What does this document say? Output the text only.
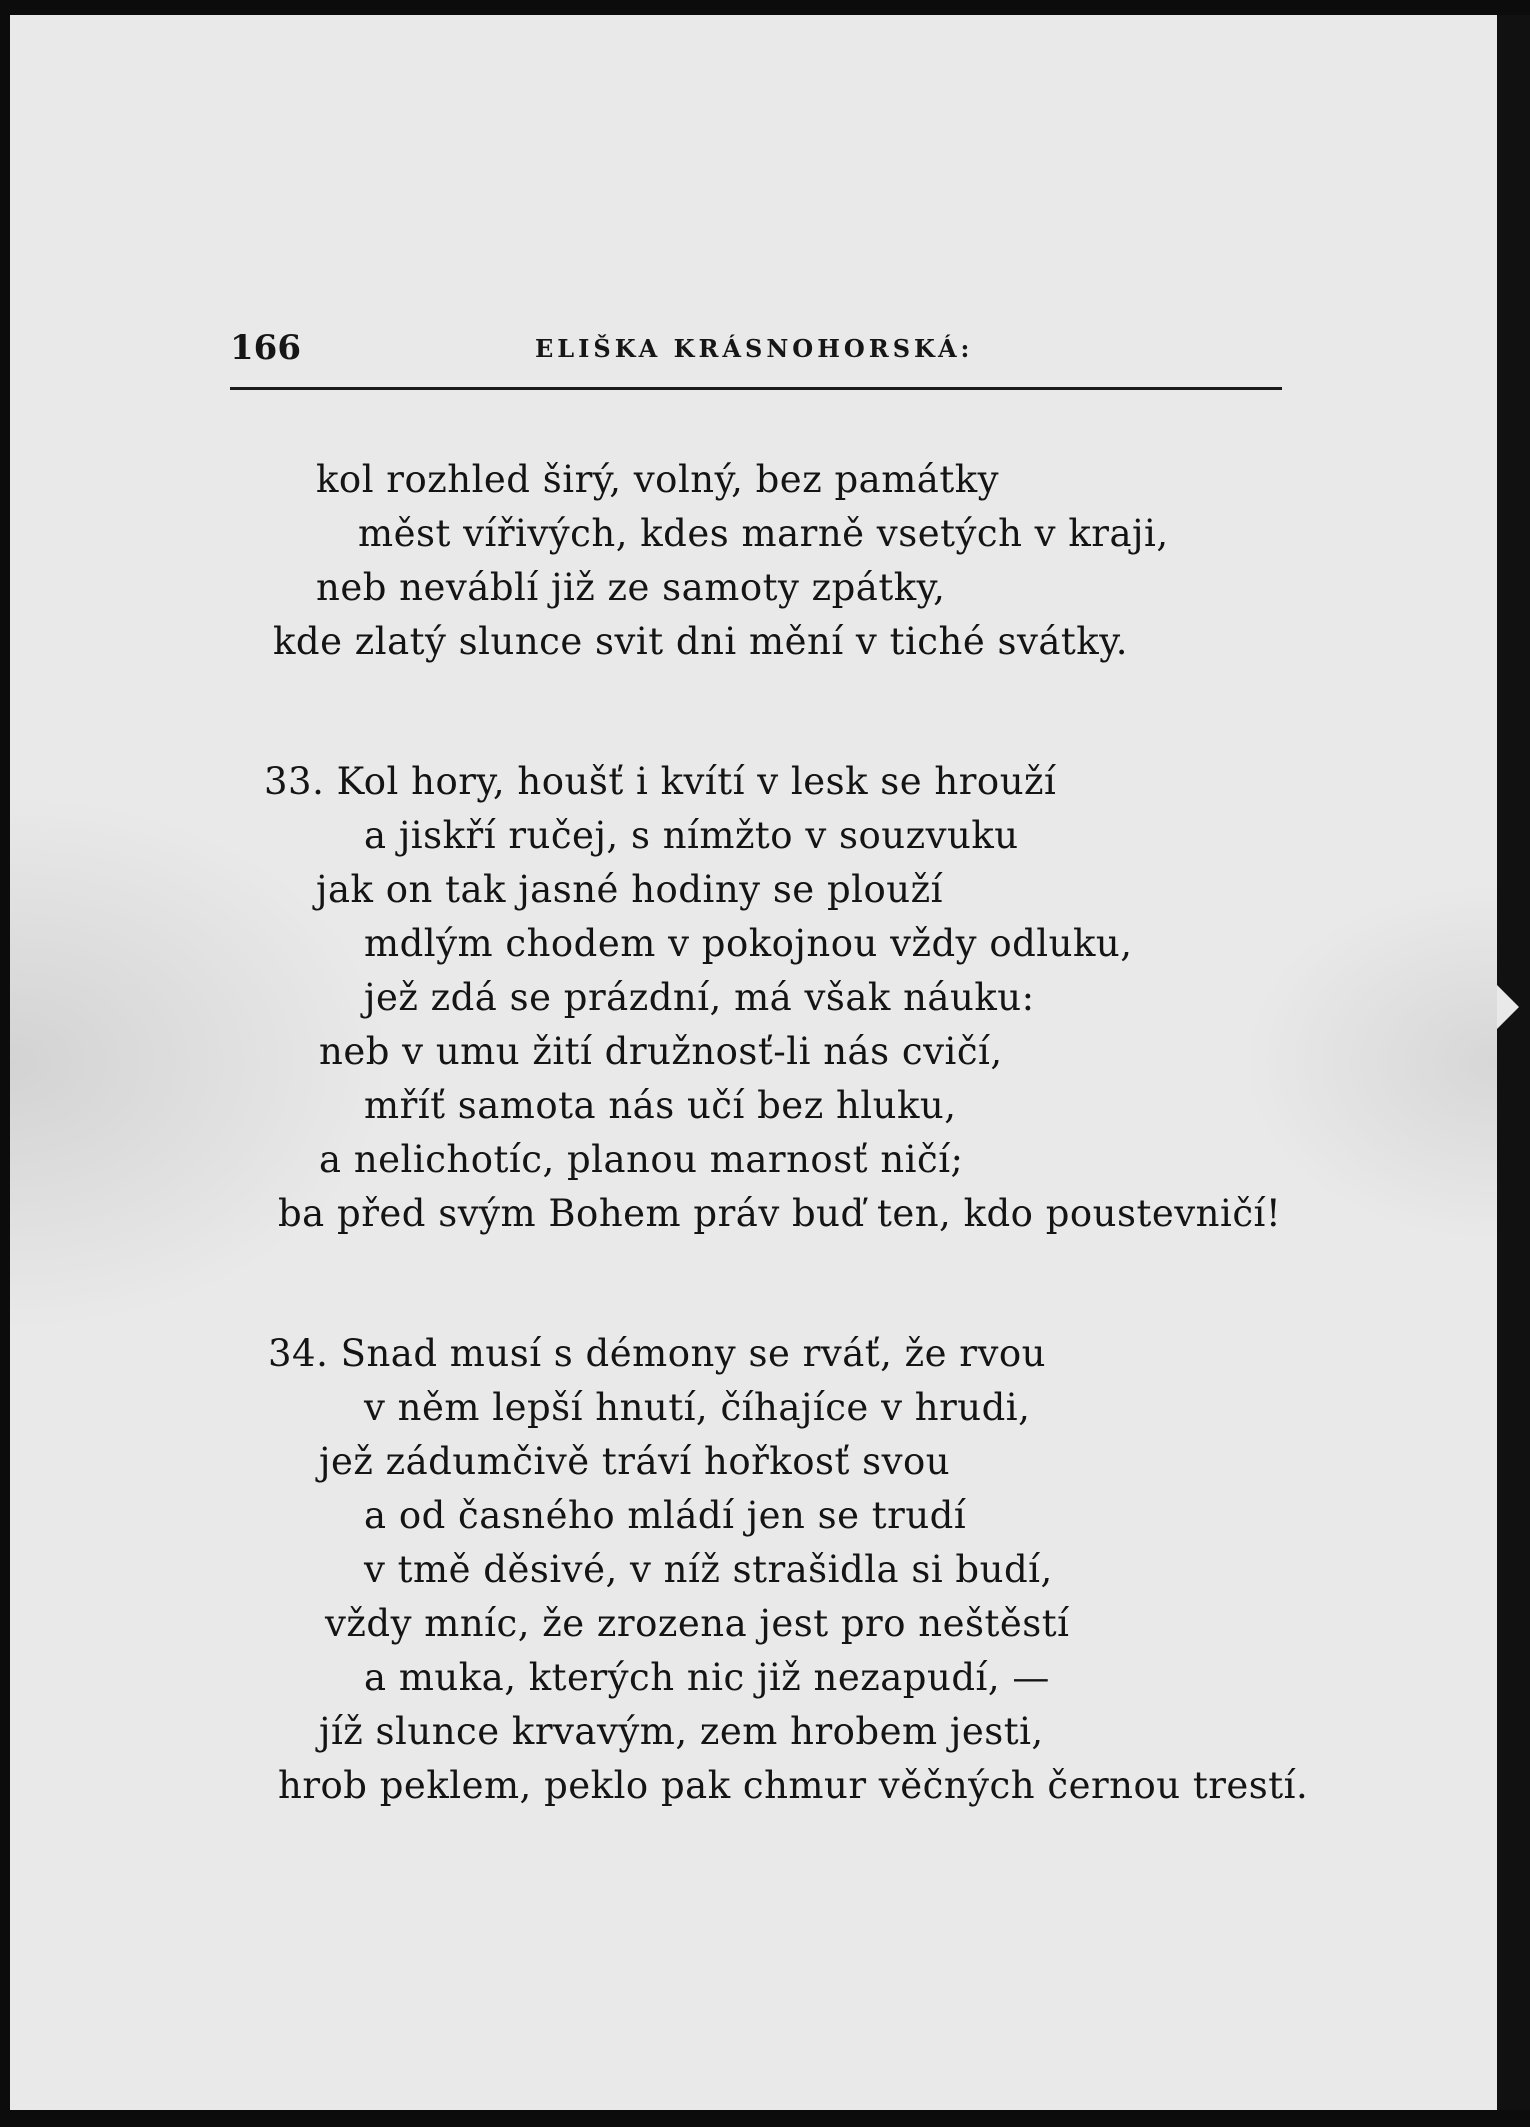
166	ELIŠKA KRÁSNOHORSKÁ:
kol rozhled širý, volný, bez památky
měst vířivých, kdes marně vsetých v kraji,
neb neváblí již ze samoty zpátky,
kde zlatý slunce svit dni mění v tiché svátky.
33. Kol hory, houšť i kvítí v lesk se hrouží
a jiskří ručej, s nímžto v souzvuku
jak on tak jasné hodiny se plouží
mdlým chodem v pokojnou vždy odluku,
jež zdá se prázdní, má však náuku:
neb v umu žití družnosť-li nás cvičí,
mříť samota nás učí bez hluku,
a nelichotíc, planou marnosť ničí;
ba před svým Bohem práv buď ten, kdo poustevničí!
34. Snad musí s démony se rváť, že rvou
v něm lepší hnutí, číhajíce v hrudi,
jež zádumčivě tráví hořkosť svou
a od časného mládí jen se trudí
v tmě děsivé, v níž strašidla si budí,
vždy mníc, že zrozena jest pro neštěstí
a muka, kterých nic již nezapudí, —
jíž slunce krvavým, zem hrobem jesti,
hrob peklem, peklo pak chmur věčných černou trestí.
